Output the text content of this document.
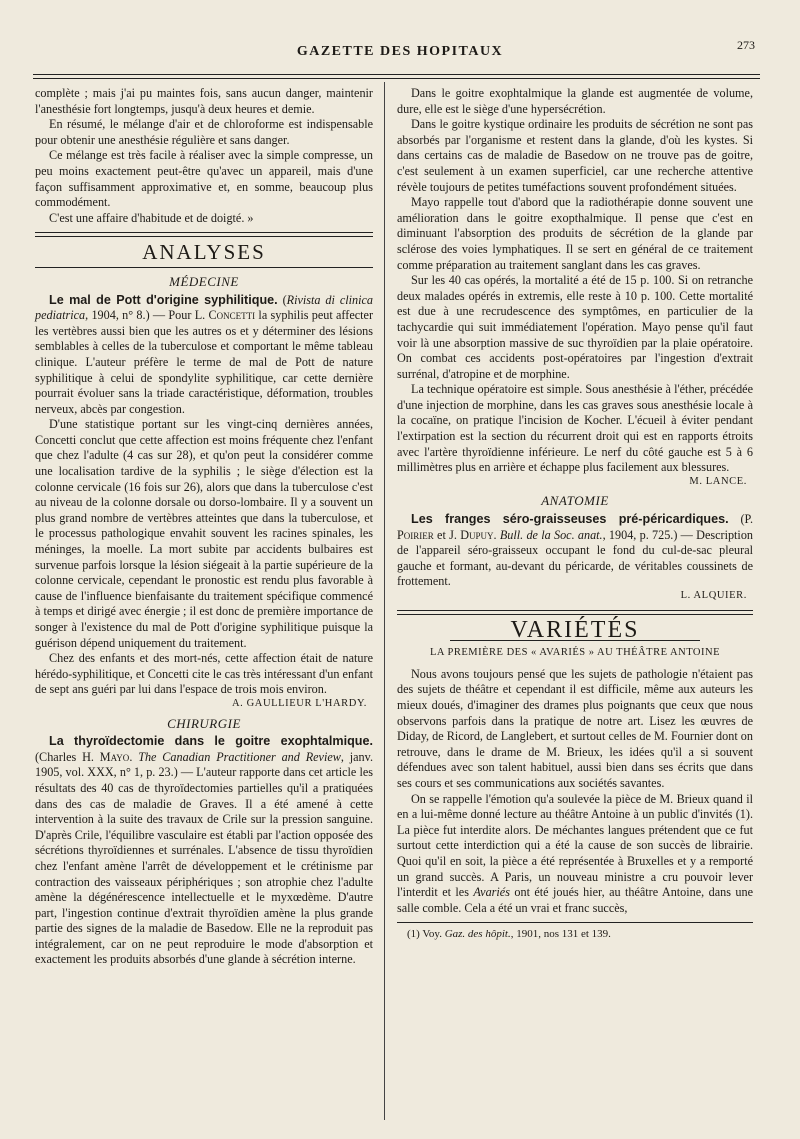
GAZETTE DES HOPITAUX	273

complète ; mais j'ai pu maintes fois, sans aucun danger, maintenir l'anesthésie fort longtemps, jusqu'à deux heures et demie.

En résumé, le mélange d'air et de chloroforme est indispensable pour obtenir une anesthésie régulière et sans danger.

Ce mélange est très facile à réaliser avec la simple compresse, un peu moins exactement peut-être qu'avec un appareil, mais d'une façon suffisamment approximative et, en somme, beaucoup plus commodément.

C'est une affaire d'habitude et de doigté. »

ANALYSES
MÉDECINE

Le mal de Pott d'origine syphilitique. (Rivista di clinica pediatrica, 1904, n° 8.) — Pour L. Concetti la syphilis peut affecter les vertèbres aussi bien que les autres os et y déterminer des lésions semblables à celles de la tuberculose et comportant le même tableau clinique. L'auteur préfère le terme de mal de Pott de nature syphilitique à celui de spondylite syphilitique, car cette dernière pourrait évoluer sans la triade caractéristique, déformation, troubles nerveux, abcès par congestion.

D'une statistique portant sur les vingt-cinq dernières années, Concetti conclut que cette affection est moins fréquente chez l'enfant que chez l'adulte (4 cas sur 28), et qu'on peut la considérer comme une localisation tardive de la syphilis ; le siège d'élection est la colonne cervicale (16 fois sur 26), alors que dans la tuberculose c'est au niveau de la colonne dorsale ou dorso-lombaire. Il y a souvent un plus grand nombre de vertèbres atteintes que dans la tuberculose, et le processus pathologique envahit souvent les racines spinales, les méninges, la moelle. La mort subite par accidents bulbaires est survenue parfois lorsque la lésion siégeait à la partie supérieure de la colonne cervicale, cependant le pronostic est rendu plus favorable à cause de l'influence bienfaisante du traitement spécifique commencé à temps et dirigé avec énergie ; il est donc de première importance de songer à l'existence du mal de Pott d'origine syphilitique puisque la guérison dépend uniquement du traitement.

Chez des enfants et des mort-nés, cette affection était de nature hérédo-syphilitique, et Concetti cite le cas très intéressant d'un enfant de sept ans guéri par lui dans l'espace de trois mois environ.

A. GAULLIEUR L'HARDY.
CHIRURGIE

La thyroïdectomie dans le goitre exophtalmique. (Charles H. Mayo. The Canadian Practitioner and Review, janv. 1905, vol. XXX, n° 1, p. 23.) — L'auteur rapporte dans cet article les résultats des 40 cas de thyroïdectomies partielles qu'il a pratiquées dans des cas de maladie de Graves. Il a été amené à cette intervention à la suite des travaux de Crile sur la pression sanguine. D'après Crile, l'équilibre vasculaire est établi par l'action opposée des sécrétions thyroïdiennes et surrénales. L'absence de tissu thyroïdien chez l'enfant amène l'arrêt de développement et le crétinisme par contraction des vaisseaux périphériques ; son atrophie chez l'adulte amène la dégénérescence intellectuelle et le myxœdème. D'autre part, l'ingestion continue d'extrait thyroïdien amène la plus grande partie des signes de la maladie de Basedow. Elle ne la reproduit pas intégralement, car on ne peut reproduire le mode d'absorption et exactement les produits absorbés d'une glande à sécrétion interne.

Dans le goitre exophtalmique la glande est augmentée de volume, dure, elle est le siège d'une hypersécrétion.

Dans le goitre kystique ordinaire les produits de sécrétion ne sont pas absorbés par l'organisme et restent dans la glande, d'où les kystes. Si dans certains cas de maladie de Basedow on ne trouve pas de goitre, c'est seulement à un examen superficiel, car une recherche attentive révèle toujours de petites tuméfactions souvent profondément situées.

Mayo rappelle tout d'abord que la radiothérapie donne souvent une amélioration dans le goitre exopthalmique. Il pense que c'est en diminuant l'absorption des produits de sécrétion de la glande par sclérose des voies lymphatiques. Il se sert en général de ce traitement comme préparation au traitement sanglant dans les cas graves.

Sur les 40 cas opérés, la mortalité a été de 15 p. 100. Si on retranche deux malades opérés in extremis, elle reste à 10 p. 100. Cette mortalité est due à une recrudescence des symptômes, en particulier de la tachycardie qui suit immédiatement l'opération. Mayo pense qu'il faut voir là une absorption massive de suc thyroïdien par la plaie opératoire. On combat ces accidents post-opératoires par l'ingestion d'extrait surrénal, d'atropine et de morphine.

La technique opératoire est simple. Sous anesthésie à l'éther, précédée d'une injection de morphine, dans les cas graves sous anesthésie locale à la cocaïne, on pratique l'incision de Kocher. L'écueil à éviter pendant l'extirpation est la section du récurrent droit qui est en rapports étroits avec l'artère thyroïdienne inférieure. Le nerf du côté gauche est 5 à 6 millimètres plus en arrière et échappe plus facilement aux blessures.

M. LANCE.
ANATOMIE

Les franges séro-graisseuses pré-péricardiques. (P. Poirier et J. Dupuy. Bull. de la Soc. anat., 1904, p. 725.) — Description de l'appareil séro-graisseux occupant le fond du cul-de-sac pleural gauche et formant, au-devant du péricarde, de véritables coussinets de frottement.

L. ALQUIER.
VARIÉTÉS
LA PREMIÈRE DES « AVARIÉS » AU THÉÂTRE ANTOINE

Nous avons toujours pensé que les sujets de pathologie n'étaient pas des sujets de théâtre et cependant il est difficile, même aux auteurs les mieux doués, d'imaginer des drames plus poignants que ceux que nous observons parfois dans la pratique de notre art. Lisez les œuvres de Diday, de Ricord, de Langlebert, et surtout celles de M. Fournier dont on retrouve, dans le drame de M. Brieux, les idées qu'il a si souvent défendues avec son talent habituel, aussi bien dans ses écrits que dans ses cours et ses communications aux sociétés savantes.

On se rappelle l'émotion qu'a soulevée la pièce de M. Brieux quand il en a lui-même donné lecture au théâtre Antoine à un public d'invités (1). La pièce fut interdite alors. De méchantes langues prétendent que ce fut surtout cette interdiction qui a été la cause de son succès de librairie. Quoi qu'il en soit, la pièce a été représentée à Bruxelles et y a remporté un grand succès. A Paris, un nouveau ministre a cru pouvoir lever l'interdit et les Avariés ont été joués hier, au théâtre Antoine, dans une salle comble. Cela a été un vrai et franc succès,

(1) Voy. Gaz. des hôpit., 1901, nos 131 et 139.
